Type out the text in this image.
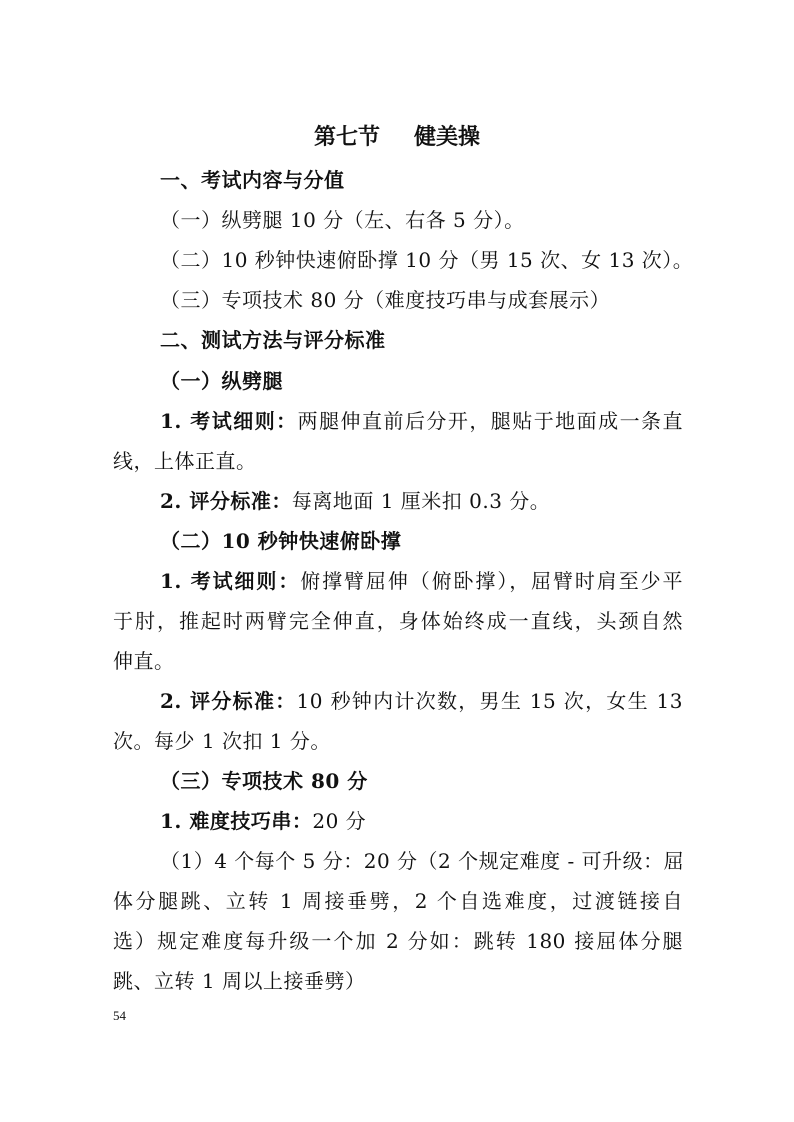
第七节 健美操
一、考试内容与分值
（一）纵劈腿 10 分（左、右各 5 分）。
（二）10 秒钟快速俯卧撑 10 分（男 15 次、女 13 次）。
（三）专项技术 80 分（难度技巧串与成套展示）
二、测试方法与评分标准
（一）纵劈腿
1. 考试细则：两腿伸直前后分开，腿贴于地面成一条直
线，上体正直。
2. 评分标准：每离地面 1 厘米扣 0.3 分。
（二）10 秒钟快速俯卧撑
1. 考试细则：俯撑臂屈伸（俯卧撑），屈臂时肩至少平
于肘，推起时两臂完全伸直，身体始终成一直线，头颈自然
伸直。
2. 评分标准：10 秒钟内计次数，男生 15 次，女生 13
次。每少 1 次扣 1 分。
（三）专项技术 80 分
1. 难度技巧串：20 分
（1）4 个每个 5 分：20 分（2 个规定难度 - 可升级：屈
体分腿跳、立转 1 周接垂劈，2 个自选难度，过渡链接自
选）规定难度每升级一个加 2 分如：跳转 180 接屈体分腿
跳、立转 1 周以上接垂劈）
54
